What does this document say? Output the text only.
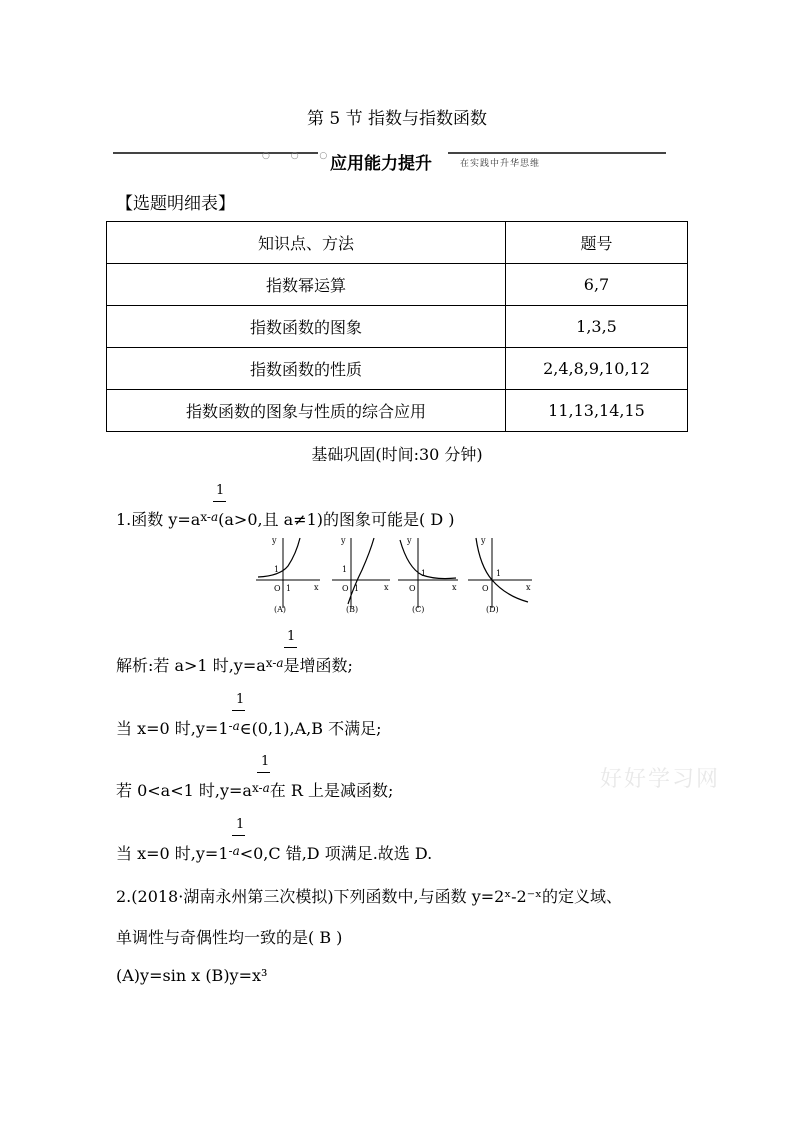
第 5 节 指数与指数函数
○ ○ ○
应用能力提升	在实践中升华思维
【选题明细表】
知识点、方法	题号
指数幂运算	6,7
指数函数的图象	1,3,5
指数函数的性质	2,4,8,9,10,12
指数函数的图象与性质的综合应用	11,13,14,15
基础巩固(时间:30 分钟)
1.函数 $y=a^{x-a}(a>0$,且 a≠1)的图象可能是( D )
1
y
x
O 1
1
(A)
y
x
O 1
1
(B)
y
x
O
1
(C)
y
x
O
1
(D)
解析:若 a>1 时$,y=a^{x-a}$是增函数;
1
当 x=0 时$,y=1^{-a}\in(0,1),A,B$ 不满足;
1
若 0<a<1 时$,y=a^{x-a}$在 R 上是减函数;
1
当 x=0 时$,y=1^{-a}<0,C$ 错,D 项满足.故选 D.
1
2.(2018·湖南永州第三次模拟)下列函数中,与函数 y=2ˣ-2⁻ˣ的定义域、
单调性与奇偶性均一致的是( B )
(A)y=sin x (B)y=x³
好好学习网
